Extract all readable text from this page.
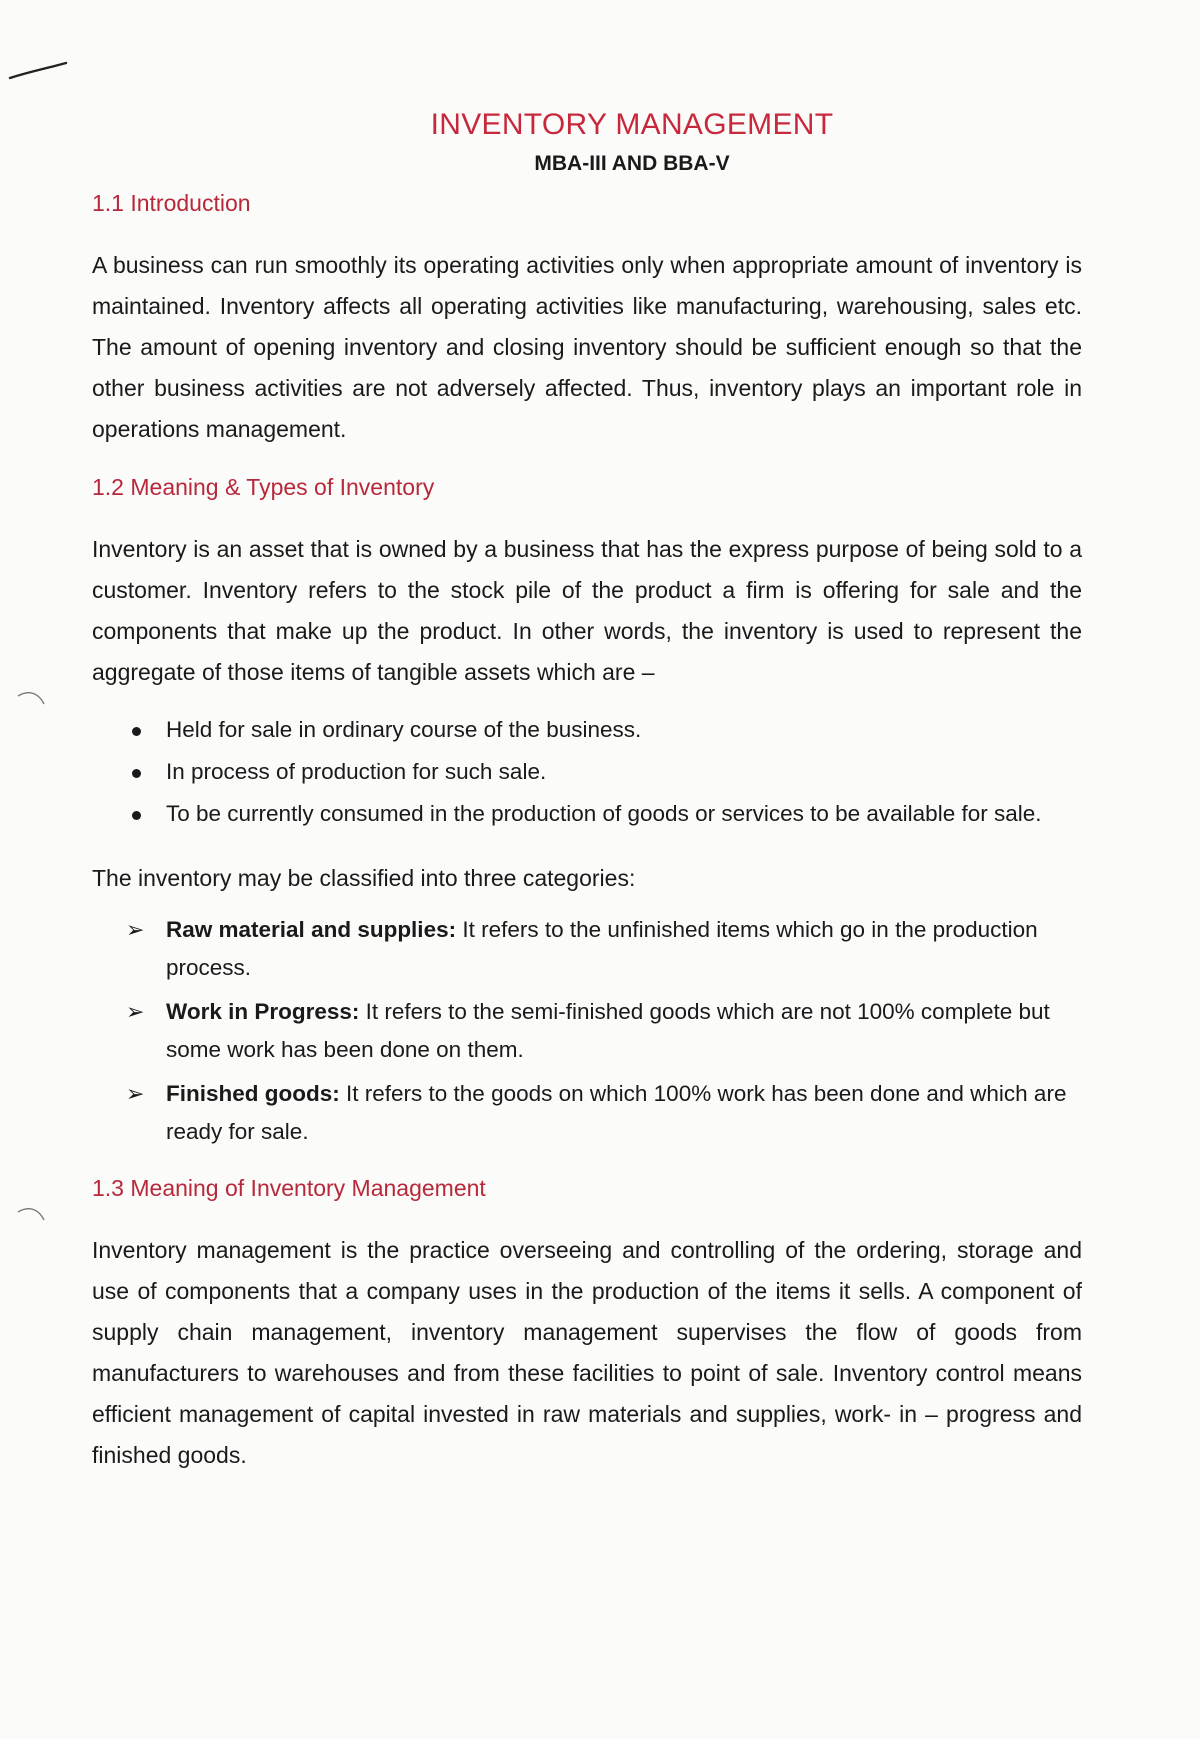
INVENTORY MANAGEMENT
MBA-III AND BBA-V
1.1 Introduction

A business can run smoothly its operating activities only when appropriate amount of inventory is maintained. Inventory affects all operating activities like manufacturing, warehousing, sales etc. The amount of opening inventory and closing inventory should be sufficient enough so that the other business activities are not adversely affected. Thus, inventory plays an important role in operations management.

1.2 Meaning & Types of Inventory

Inventory is an asset that is owned by a business that has the express purpose of being sold to a customer. Inventory refers to the stock pile of the product a firm is offering for sale and the components that make up the product. In other words, the inventory is used to represent the aggregate of those items of tangible assets which are –

Held for sale in ordinary course of the business.
In process of production for such sale.
To be currently consumed in the production of goods or services to be available for sale.

The inventory may be classified into three categories:

➢ Raw material and supplies: It refers to the unfinished items which go in the production process.
➢ Work in Progress: It refers to the semi-finished goods which are not 100% complete but some work has been done on them.
➢ Finished goods: It refers to the goods on which 100% work has been done and which are ready for sale.
1.3 Meaning of Inventory Management

Inventory management is the practice overseeing and controlling of the ordering, storage and use of components that a company uses in the production of the items it sells. A component of supply chain management, inventory management supervises the flow of goods from manufacturers to warehouses and from these facilities to point of sale. Inventory control means efficient management of capital invested in raw materials and supplies, work- in – progress and finished goods.
